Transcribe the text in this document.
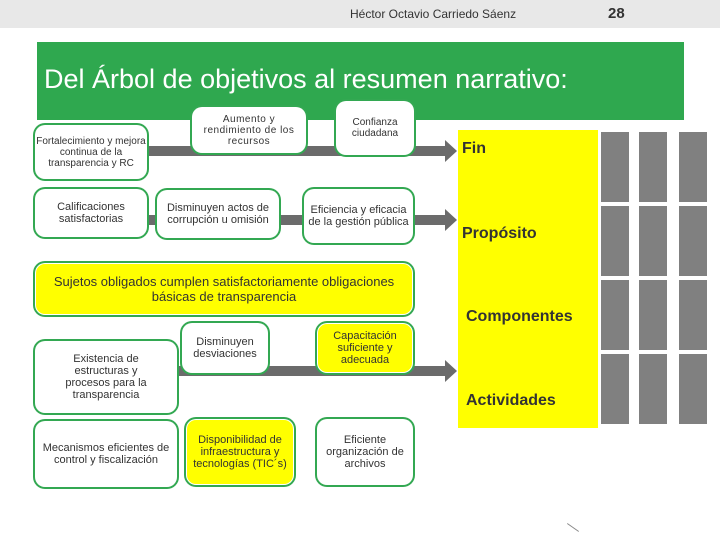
Héctor Octavio Carriedo Sáenz	28
Del Árbol de objetivos al resumen narrativo:
Fin
Propósito
Componentes
Actividades
Fortalecimiento y mejora continua de la transparencia y RC
Aumento y rendimiento de los recursos
Confianza ciudadana
Calificaciones satisfactorias
Disminuyen actos de corrupción u omisión
Eficiencia y eficacia de la gestión pública
Sujetos obligados cumplen satisfactoriamente obligaciones básicas de transparencia
Existencia de estructuras y procesos para la transparencia
Disminuyen desviaciones
Capacitación suficiente y adecuada
Mecanismos eficientes de control y fiscalización
Disponibilidad de infraestructura y tecnologías (TIC´s)
Eficiente organización de archivos
